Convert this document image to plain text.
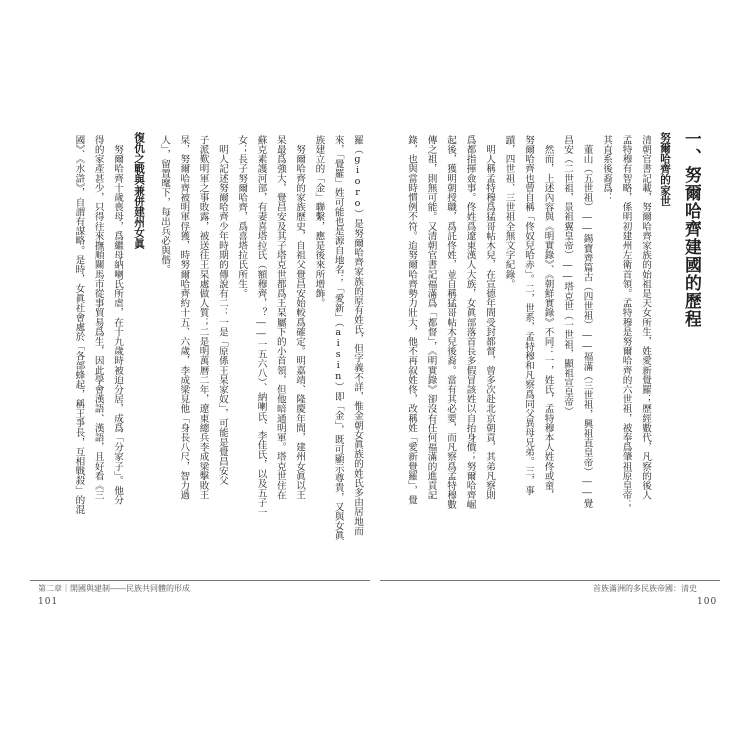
清朝官書記載，努爾哈齊家族的始祖是天女所生，姓愛新覺羅；歷經數代，凡察的後人
孟特穆有智略，係明初建州左衛首領。孟特穆是努爾哈齊的六世祖，被奉爲肇祖原皇帝；
其直系後裔爲：
　董山（五世祖）――錫寶齊篇古（四世祖）――福滿（三世祖，興祖直皇帝）――覺
昌安（二世祖，景祖翼皇帝）――塔克世（一世祖，顯祖宣皇帝）
　然而，上述內容與《明實錄》、《朝鮮實錄》不同：一，姓氏，孟特穆本人姓佟或童，
努爾哈齊也曾自稱「佟奴兒哈赤」。二，世系，孟特穆和凡察爲同父異母兄弟。三，事
蹟，四世祖、三世祖全無文字紀錄。
　明人稱孟特穆爲猛哥帖木兒，在宣德年間受封都督，曾多次赴北京朝貢，其弟凡察則
爲都指揮僉事。佟姓爲遼東漢人大族，女眞部落首長多假冒該姓以自抬身價；努爾哈齊崛
起後，獲明朝授職，爲託佟姓，並自稱猛哥帖木兒後裔。當有其必要，而凡察爲孟特穆數
傳之祖，則無可能。又清朝官書記福滿爲「都督」，《明實錄》卻沒有任何福滿的進貢記
錄，也與當時慣例不符。迨努爾哈齊勢力壯大，他不再叙姓佟，改稱姓「愛新覺羅」，覺	一、努爾哈齊建國的歷程
努爾哈齊的家世
羅（gioro）是努爾哈齊家族的原有姓氏，但字義不詳，惟金朝女眞族的姓氏多由居地而
來，「覺羅」姓可能也是源自地名；「愛新」（aisin）即「金」，既可顯示尊貴，又與女眞
族建立的「金」聯繫，應是後來所增飾。
　努爾哈齊的家族歷史，自祖父覺昌安始較爲確定。明嘉靖、隆慶年間，建州女眞以王
杲最爲強大，覺昌安及其子塔克世都爲王杲屬下的小首領，但他暗通明軍。塔克世住在
蘇克素護河部，有妻喜塔拉氏（額穆齊，？――一五六八）、納喇氏、李佳氏，以及五子一
女；長子努爾哈齊，爲喜塔拉氏所生。
　明人記述努爾哈齊少年時期的傳說有二：一是「原係王杲家奴」，可能是覺昌安父
子派歎明軍之事敗露，被送往王杲處做人質；二是明萬曆二年，遼東總兵李成梁擊敗王
杲，努爾哈齊被明軍俘獲，時努爾哈齊約十五、六歲，李成梁見他「身長八尺，智力過
人」，留置麾下，每出兵必與偕。
復仇之戰與兼併建州女眞
　努爾哈齊十歲喪母，爲繼母納喇氏所虐，在十九歲時被迫分居，成爲「分家子」。他分
得的家產甚少，只得往來撫順關馬市從事貿易爲生，因此學會漢語、漢語，且好看《三
國》、《水滸》，自謂有謀略。是時，女眞社會處於「各部蜂起，稱王爭長，互相戰殺」的混
第二章｜開國與建制――民族共同體的形成
101
首族滿洲的多民族帝國：清史
100
